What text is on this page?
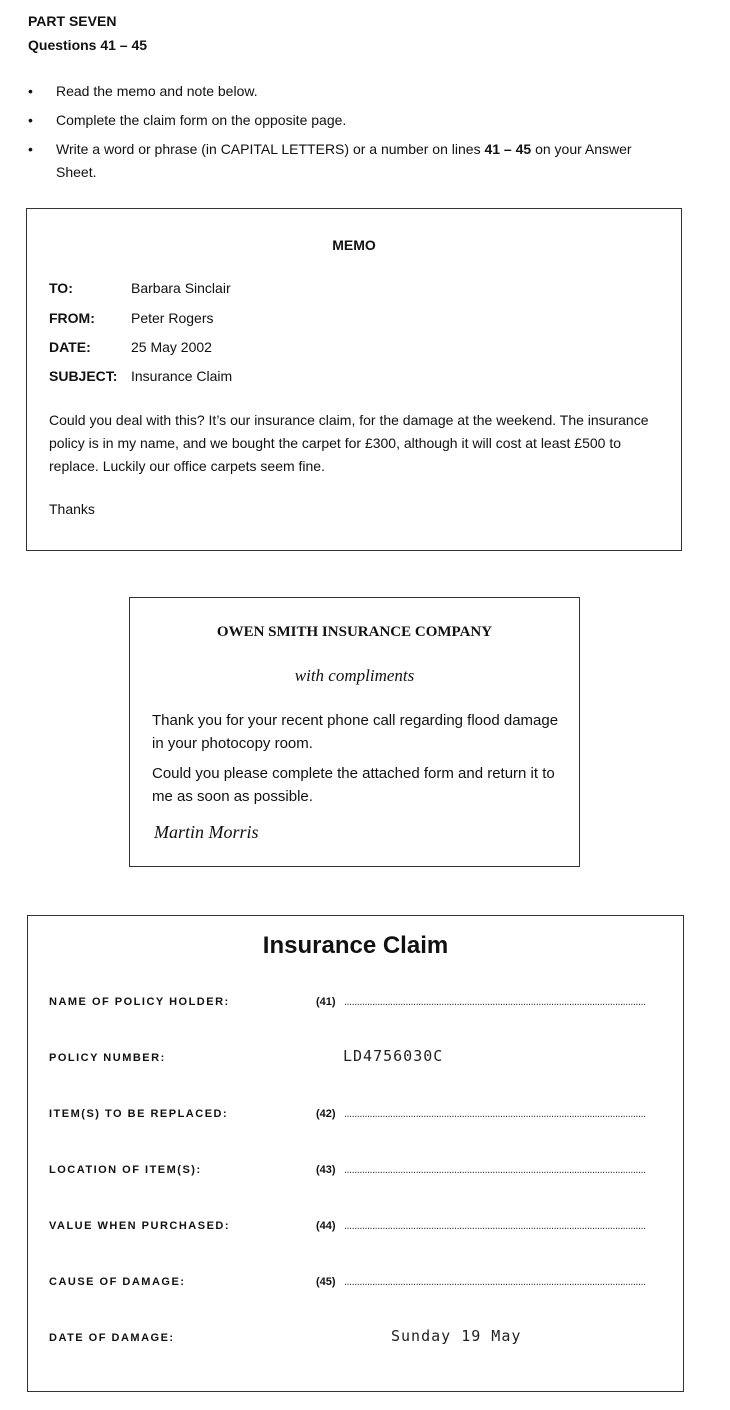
PART SEVEN
Questions 41 – 45
• Read the memo and note below.
• Complete the claim form on the opposite page.
• Write a word or phrase (in CAPITAL LETTERS) or a number on lines 41 – 45 on your Answer Sheet.
MEMO
TO:	Barbara Sinclair
FROM:	Peter Rogers
DATE:	25 May 2002
SUBJECT: Insurance Claim
Could you deal with this? It’s our insurance claim, for the damage at the weekend. The insurance policy is in my name, and we bought the carpet for £300, although it will cost at least £500 to replace. Luckily our office carpets seem fine.
Thanks
OWEN SMITH INSURANCE COMPANY
with compliments
Thank you for your recent phone call regarding flood damage in your photocopy room.
Could you please complete the attached form and return it to me as soon as possible.
Martin Morris
Insurance Claim
NAME OF POLICY HOLDER:	(41) ......................................................................................................................
POLICY NUMBER:	LD4756030C
ITEM(S) TO BE REPLACED:	(42) ......................................................................................................................
LOCATION OF ITEM(S):	(43) ......................................................................................................................
VALUE WHEN PURCHASED:	(44) ......................................................................................................................
CAUSE OF DAMAGE:	(45) ......................................................................................................................
DATE OF DAMAGE:	Sunday 19 May
